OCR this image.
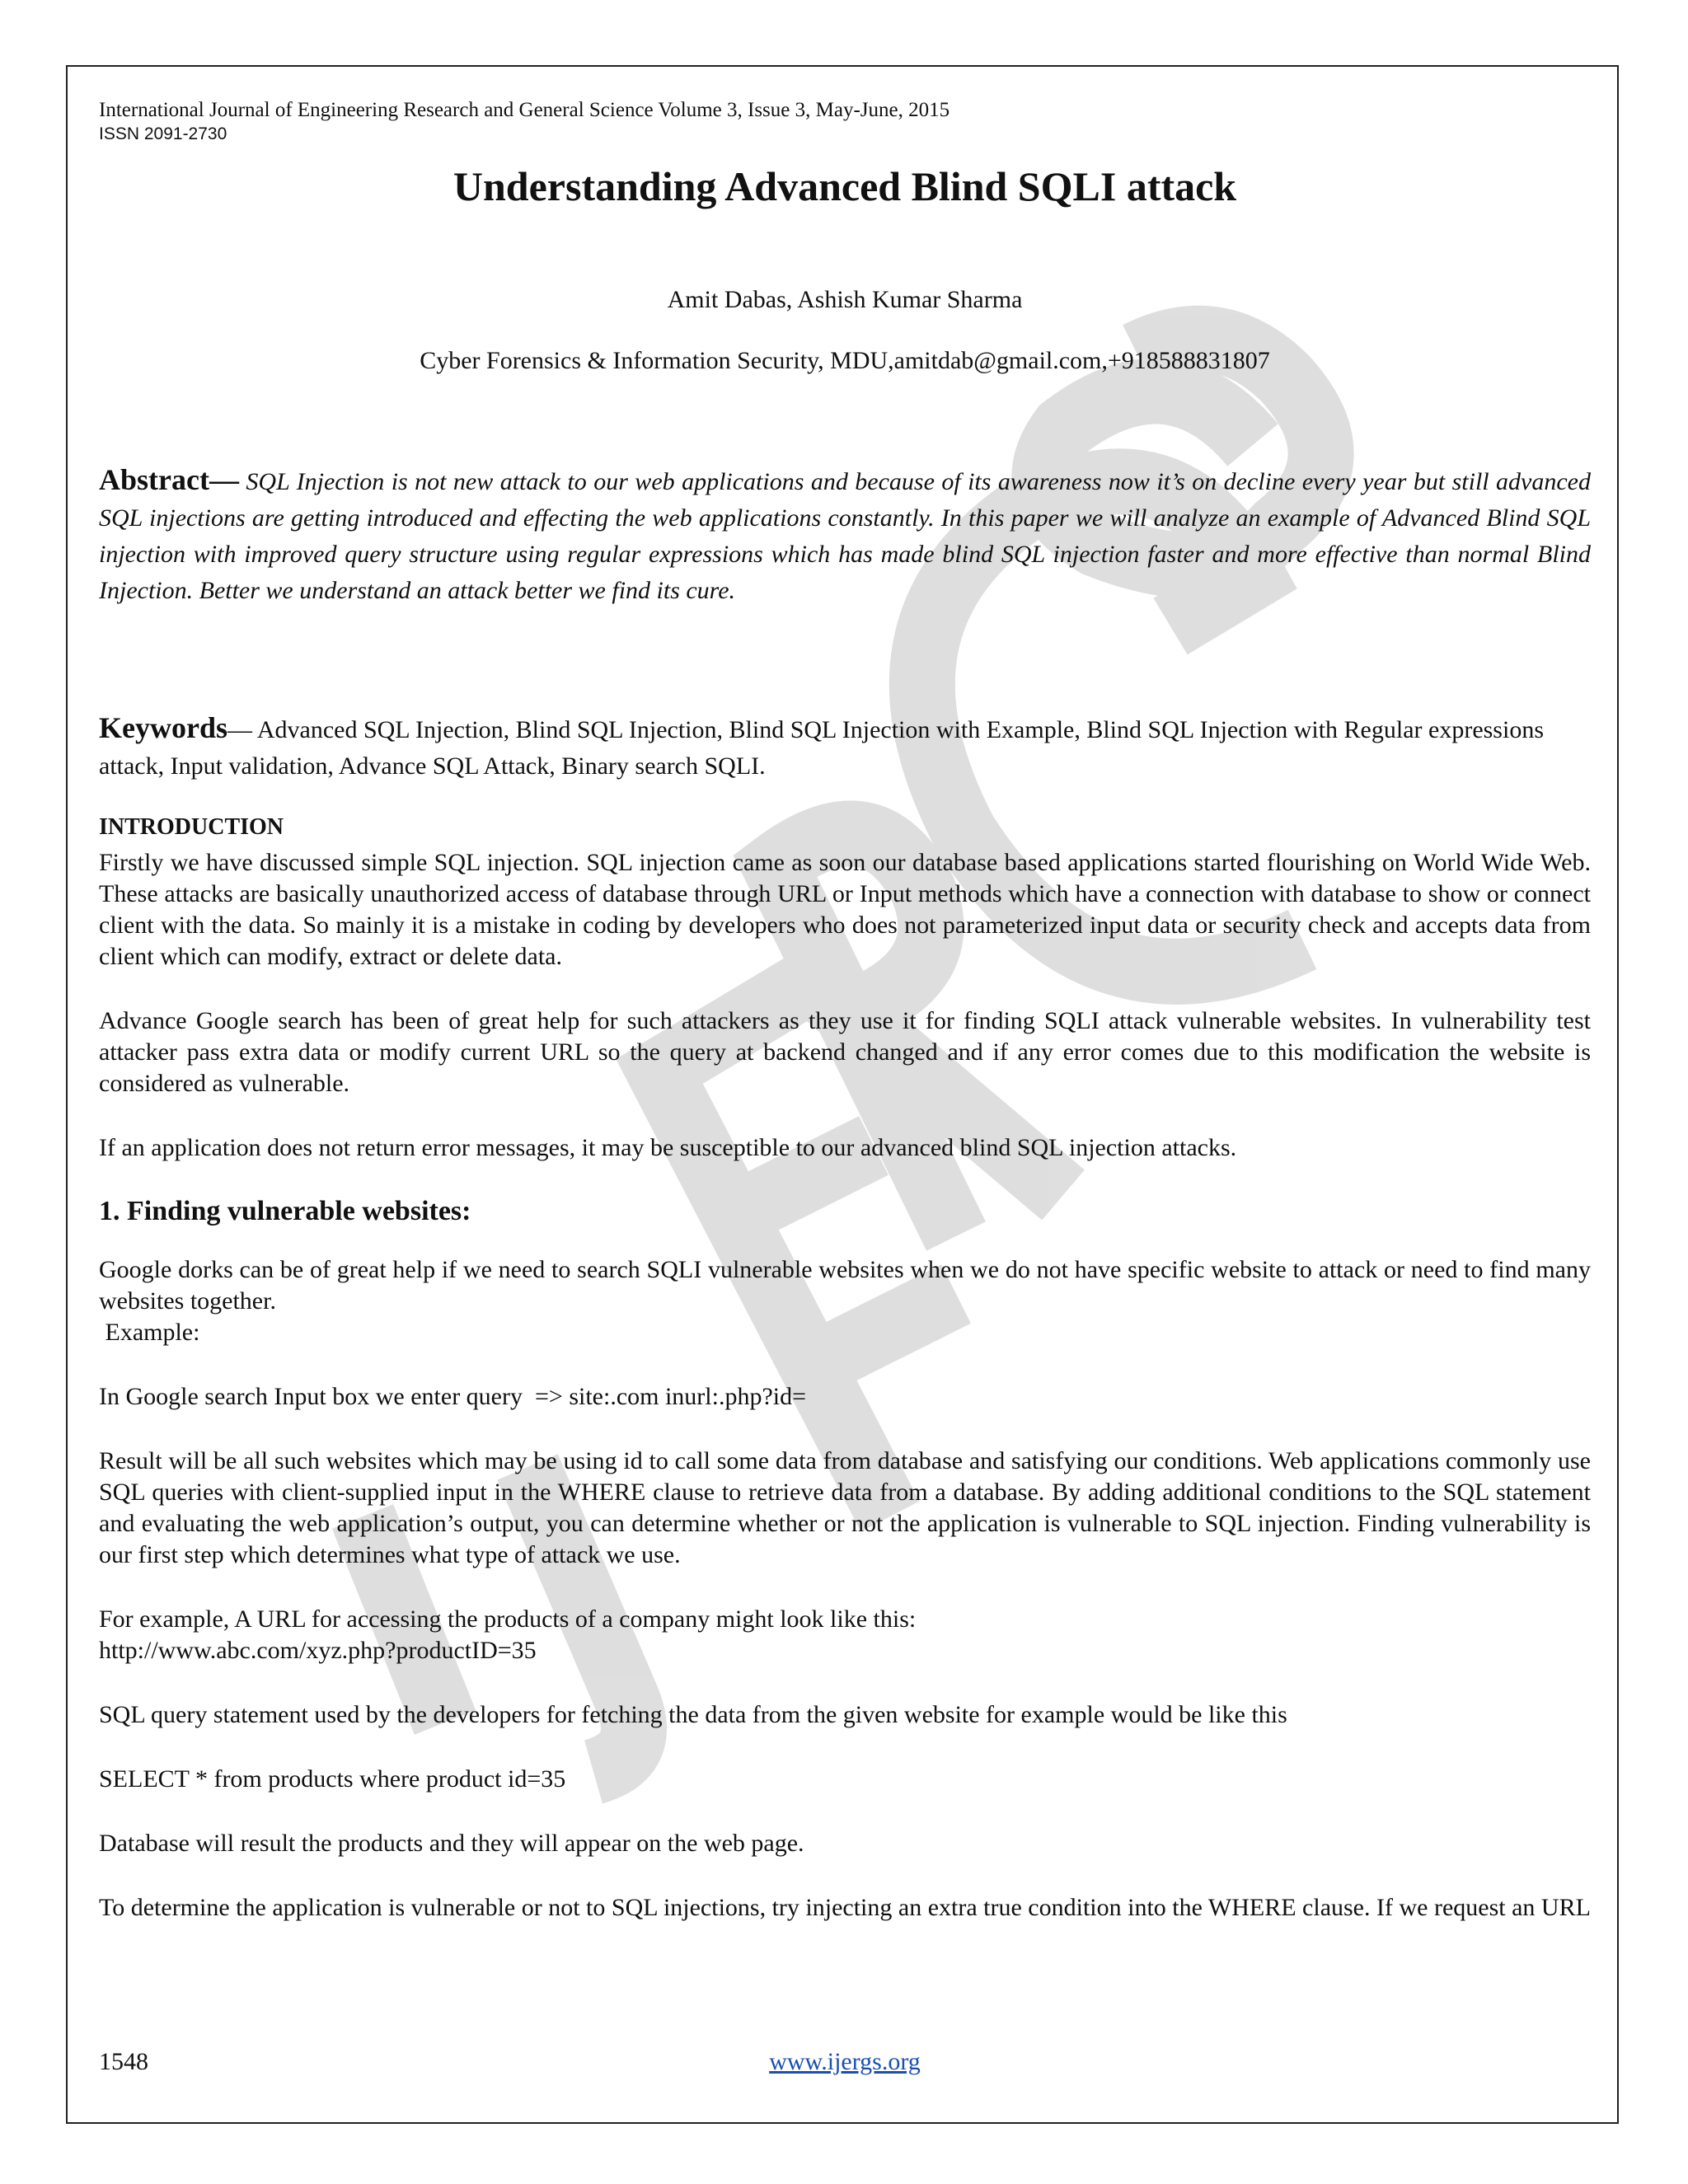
International Journal of Engineering Research and General Science Volume 3, Issue 3, May-June, 2015

ISSN 2091-2730

Understanding Advanced Blind SQLI attack

Amit Dabas, Ashish Kumar Sharma

Cyber Forensics & Information Security, MDU,amitdab@gmail.com,+918588831807

Abstract— SQL Injection is not new attack to our web applications and because of its awareness now it’s on decline every year but still advanced SQL injections are getting introduced and effecting the web applications constantly. In this paper we will analyze an example of Advanced Blind SQL injection with improved query structure using regular expressions which has made blind SQL injection faster and more effective than normal Blind Injection. Better we understand an attack better we find its cure.

Keywords— Advanced SQL Injection, Blind SQL Injection, Blind SQL Injection with Example, Blind SQL Injection with Regular expressions attack, Input validation, Advance SQL Attack, Binary search SQLI.

INTRODUCTION

Firstly we have discussed simple SQL injection. SQL injection came as soon our database based applications started flourishing on World Wide Web. These attacks are basically unauthorized access of database through URL or Input methods which have a connection with database to show or connect client with the data. So mainly it is a mistake in coding by developers who does not parameterized input data or security check and accepts data from client which can modify, extract or delete data.

Advance Google search has been of great help for such attackers as they use it for finding SQLI attack vulnerable websites. In vulnerability test attacker pass extra data or modify current URL so the query at backend changed and if any error comes due to this modification the website is considered as vulnerable.

If an application does not return error messages, it may be susceptible to our advanced blind SQL injection attacks.

1. Finding vulnerable websites:

Google dorks can be of great help if we need to search SQLI vulnerable websites when we do not have specific website to attack or need to find many websites together.

Example:

In Google search Input box we enter query  => site:.com inurl:.php?id=

Result will be all such websites which may be using id to call some data from database and satisfying our conditions. Web applications commonly use SQL queries with client-supplied input in the WHERE clause to retrieve data from a database. By adding additional conditions to the SQL statement and evaluating the web application’s output, you can determine whether or not the application is vulnerable to SQL injection. Finding vulnerability is our first step which determines what type of attack we use.

For example, A URL for accessing the products of a company might look like this:

http://www.abc.com/xyz.php?productID=35

SQL query statement used by the developers for fetching the data from the given website for example would be like this

SELECT * from products where product id=35

Database will result the products and they will appear on the web page.

To determine the application is vulnerable or not to SQL injections, try injecting an extra true condition into the WHERE clause. If we request an URL

1548	www.ijergs.org
